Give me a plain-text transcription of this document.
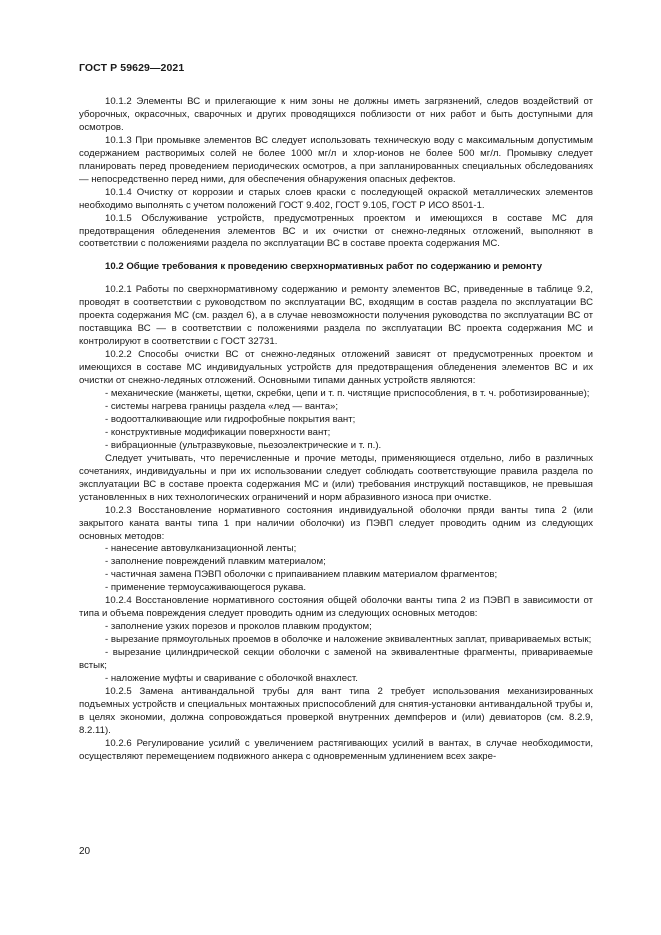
ГОСТ Р 59629—2021

10.1.2 Элементы ВС и прилегающие к ним зоны не должны иметь загрязнений, следов воздействий от уборочных, окрасочных, сварочных и других проводящихся поблизости от них работ и быть доступными для осмотров.

10.1.3 При промывке элементов ВС следует использовать техническую воду с максимальным допустимым содержанием растворимых солей не более 1000 мг/л и хлор-ионов не более 500 мг/л. Промывку следует планировать перед проведением периодических осмотров, а при запланированных специальных обследованиях — непосредственно перед ними, для обеспечения обнаружения опасных дефектов.

10.1.4 Очистку от коррозии и старых слоев краски с последующей окраской металлических элементов необходимо выполнять с учетом положений ГОСТ 9.402, ГОСТ 9.105, ГОСТ Р ИСО 8501-1.

10.1.5 Обслуживание устройств, предусмотренных проектом и имеющихся в составе МС для предотвращения обледенения элементов ВС и их очистки от снежно-ледяных отложений, выполняют в соответствии с положениями раздела по эксплуатации ВС в составе проекта содержания МС.

10.2 Общие требования к проведению сверхнормативных работ по содержанию и ремонту

10.2.1 Работы по сверхнормативному содержанию и ремонту элементов ВС, приведенные в таблице 9.2, проводят в соответствии с руководством по эксплуатации ВС, входящим в состав раздела по эксплуатации ВС проекта содержания МС (см. раздел 6), а в случае невозможности получения руководства по эксплуатации ВС от поставщика ВС — в соответствии с положениями раздела по эксплуатации ВС проекта содержания МС и контролируют в соответствии с ГОСТ 32731.

10.2.2 Способы очистки ВС от снежно-ледяных отложений зависят от предусмотренных проектом и имеющихся в составе МС индивидуальных устройств для предотвращения обледенения элементов ВС и их очистки от снежно-ледяных отложений. Основными типами данных устройств являются:

- механические (манжеты, щетки, скребки, цепи и т. п. чистящие приспособления, в т. ч. роботизированные);

- системы нагрева границы раздела «лед — ванта»;

- водоотталкивающие или гидрофобные покрытия вант;

- конструктивные модификации поверхности вант;

- вибрационные (ультразвуковые, пьезоэлектрические и т. п.).

Следует учитывать, что перечисленные и прочие методы, применяющиеся отдельно, либо в различных сочетаниях, индивидуальны и при их использовании следует соблюдать соответствующие правила раздела по эксплуатации ВС в составе проекта содержания МС и (или) требования инструкций поставщиков, не превышая установленных в них технологических ограничений и норм абразивного износа при очистке.

10.2.3 Восстановление нормативного состояния индивидуальной оболочки пряди ванты типа 2 (или закрытого каната ванты типа 1 при наличии оболочки) из ПЭВП следует проводить одним из следующих основных методов:

- нанесение автовулканизационной ленты;

- заполнение повреждений плавким материалом;

- частичная замена ПЭВП оболочки с припаиванием плавким материалом фрагментов;

- применение термоусаживающегося рукава.

10.2.4 Восстановление нормативного состояния общей оболочки ванты типа 2 из ПЭВП в зависимости от типа и объема повреждения следует проводить одним из следующих основных методов:

- заполнение узких порезов и проколов плавким продуктом;

- вырезание прямоугольных проемов в оболочке и наложение эквивалентных заплат, привариваемых встык;

- вырезание цилиндрической секции оболочки с заменой на эквивалентные фрагменты, привариваемые встык;

- наложение муфты и сваривание с оболочкой внахлест.

10.2.5 Замена антивандальной трубы для вант типа 2 требует использования механизированных подъемных устройств и специальных монтажных приспособлений для снятия-установки антивандальной трубы и, в целях экономии, должна сопровождаться проверкой внутренних демпферов и (или) девиаторов (см. 8.2.9, 8.2.11).

10.2.6 Регулирование усилий с увеличением растягивающих усилий в вантах, в случае необходимости, осуществляют перемещением подвижного анкера с одновременным удлинением всех закре-

20
